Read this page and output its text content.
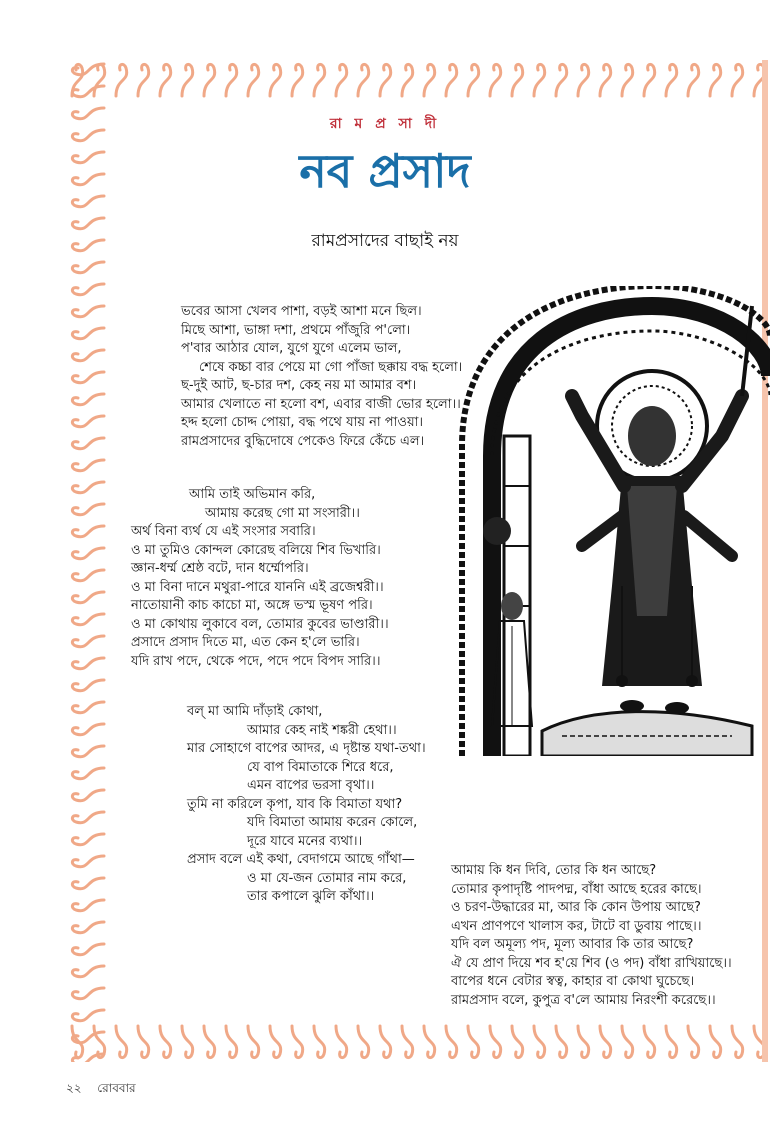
রা ম প্র সা দী
নব প্রসাদ
রামপ্রসাদের বাছাই নয়
ভবের আসা খেলব পাশা, বড়ই আশা মনে ছিল।
মিছে আশা, ভাঙ্গা দশা, প্রথমে পাঁজুরি প'লো।
প'বার আঠার যোল, যুগে যুগে এলেম ভাল,
শেষে কচ্চা বার পেয়ে মা গো পাঁজা ছক্কায় বদ্ধ হলো।
ছ-দুই আট, ছ-চার দশ, কেহ নয় মা আমার বশ।
আমার খেলাতে না হলো বশ, এবার বাজী ভোর হলো।।
হদ্দ হলো চোদ্দ পোয়া, বদ্ধ পথে যায় না পাওয়া।
রামপ্রসাদের বুদ্ধিদোষে পেকেও ফিরে কেঁচে এল।
আমি তাই অভিমান করি,
আমায় করেছ গো মা সংসারী।।
অর্থ বিনা ব্যর্থ যে এই সংসার সবারি।
ও মা তুমিও কোন্দল কোরেছ বলিয়ে শিব ভিখারি।
জ্ঞান-ধর্ম্ম শ্রেষ্ঠ বটে, দান ধর্ম্মোপরি।
ও মা বিনা দানে মথুরা-পারে যাননি এই ব্রজেশ্বরী।।
নাতোয়ানী কাচ কাচো মা, অঙ্গে ভস্ম ভূষণ পরি।
ও মা কোথায় লুকাবে বল, তোমার কুবের ভাণ্ডারী।।
প্রসাদে প্রসাদ দিতে মা, এত কেন হ'লে ভারি।
যদি রাখ পদে, থেকে পদে, পদে পদে বিপদ সারি।।
বল্ মা আমি দাঁড়াই কোথা,
আমার কেহ নাই শঙ্করী হেথা।।
মার সোহাগে বাপের আদর, এ দৃষ্টান্ত যথা-তথা।
যে বাপ বিমাতাকে শিরে ধরে,
এমন বাপের ভরসা বৃথা।।
তুমি না করিলে কৃপা, যাব কি বিমাতা যথা?
যদি বিমাতা আমায় করেন কোলে,
দূরে যাবে মনের ব্যথা।।
প্রসাদ বলে এই কথা, বেদাগমে আছে গাঁথা—
ও মা যে-জন তোমার নাম করে,
তার কপালে ঝুলি কাঁথা।।
আমায় কি ধন দিবি, তোর কি ধন আছে?
তোমার কৃপাদৃষ্টি পাদপদ্ম, বাঁধা আছে হরের কাছে।
ও চরণ-উদ্ধারের মা, আর কি কোন উপায় আছে?
এখন প্রাণপণে খালাস কর, টাটে বা ডুবায় পাছে।।
যদি বল অমূল্য পদ, মূল্য আবার কি তার আছে?
ঐ যে প্রাণ দিয়ে শব হ'য়ে শিব (ও পদ) বাঁধা রাখিয়াছে।।
বাপের ধনে বেটার স্বত্ব, কাহার বা কোথা ঘুচেছে।
রামপ্রসাদ বলে, কুপুত্র ব'লে আমায় নিরংশী করেছে।।
২২ রোববার
